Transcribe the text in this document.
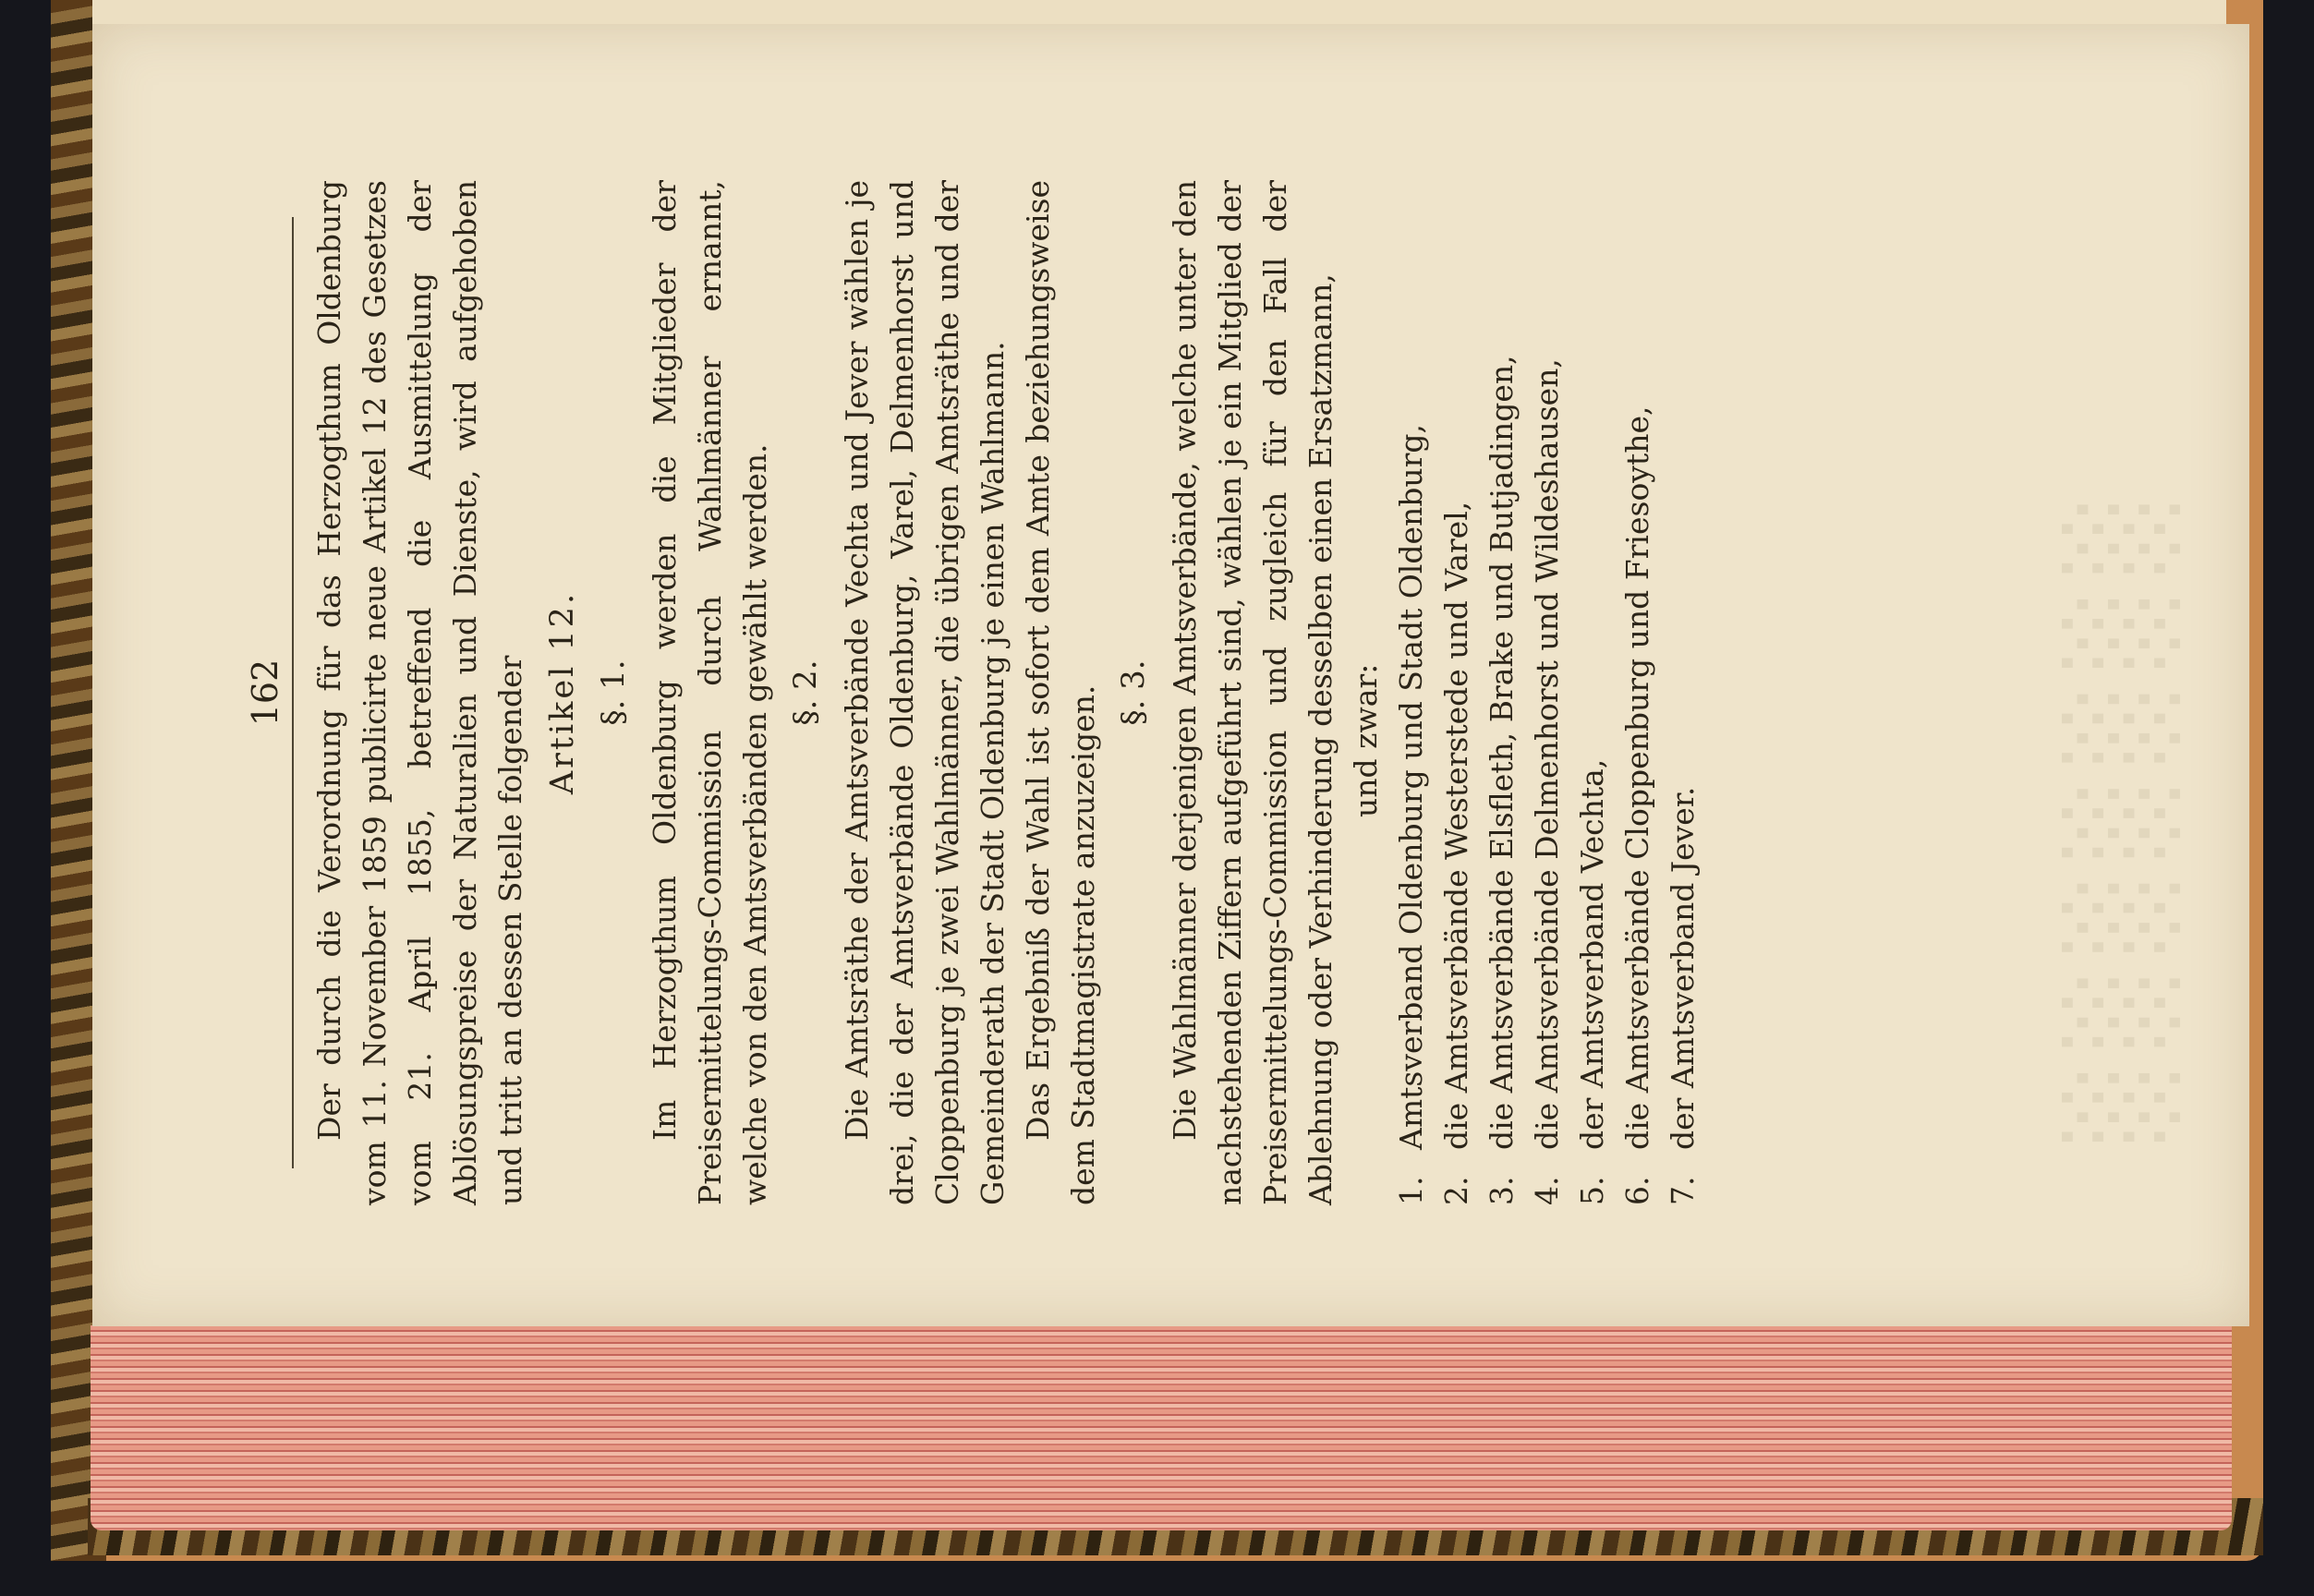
░░░░░░░
162 Der durch die Verordnung für das Herzogthum Oldenburg vom 11. November 1859 publicirte neue Artikel 12 des Gesetzes vom 21. April 1855, betreffend die Ausmittelung der Ablösungspreise der Naturalien und Dienste, wird aufgehoben und tritt an dessen Stelle folgender Artikel 12. §. 1. Im Herzogthum Oldenburg werden die Mitglieder der Preisermittelungs-Commission durch Wahlmänner ernannt, welche von den Amtsverbänden gewählt werden. §. 2. Die Amtsräthe der Amtsverbände Vechta und Jever wählen je drei, die der Amtsverbände Oldenburg, Varel, Delmenhorst und Cloppenburg je zwei Wahlmänner, die übrigen Amtsräthe und der Gemeinderath der Stadt Oldenburg je einen Wahlmann. Das Ergebniß der Wahl ist sofort dem Amte beziehungsweise dem Stadtmagistrate anzuzeigen. §. 3. Die Wahlmänner derjenigen Amtsverbände, welche unter den nachstehenden Ziffern aufgeführt sind, wählen je ein Mitglied der Preisermittelungs-Commission und zugleich für den Fall der Ablehnung oder Verhinderung desselben einen Ersatzmann, und zwar:

1.
Amtsverband Oldenburg und Stadt Oldenburg,
2.
die Amtsverbände Westerstede und Varel,
3.
die Amtsverbände Elsfleth, Brake und Butjadingen,
4.
die Amtsverbände Delmenhorst und Wildeshausen,
5.
der Amtsverband Vechta,
6.
die Amtsverbände Cloppenburg und Friesoythe,
7.
der Amtsverband Jever.
